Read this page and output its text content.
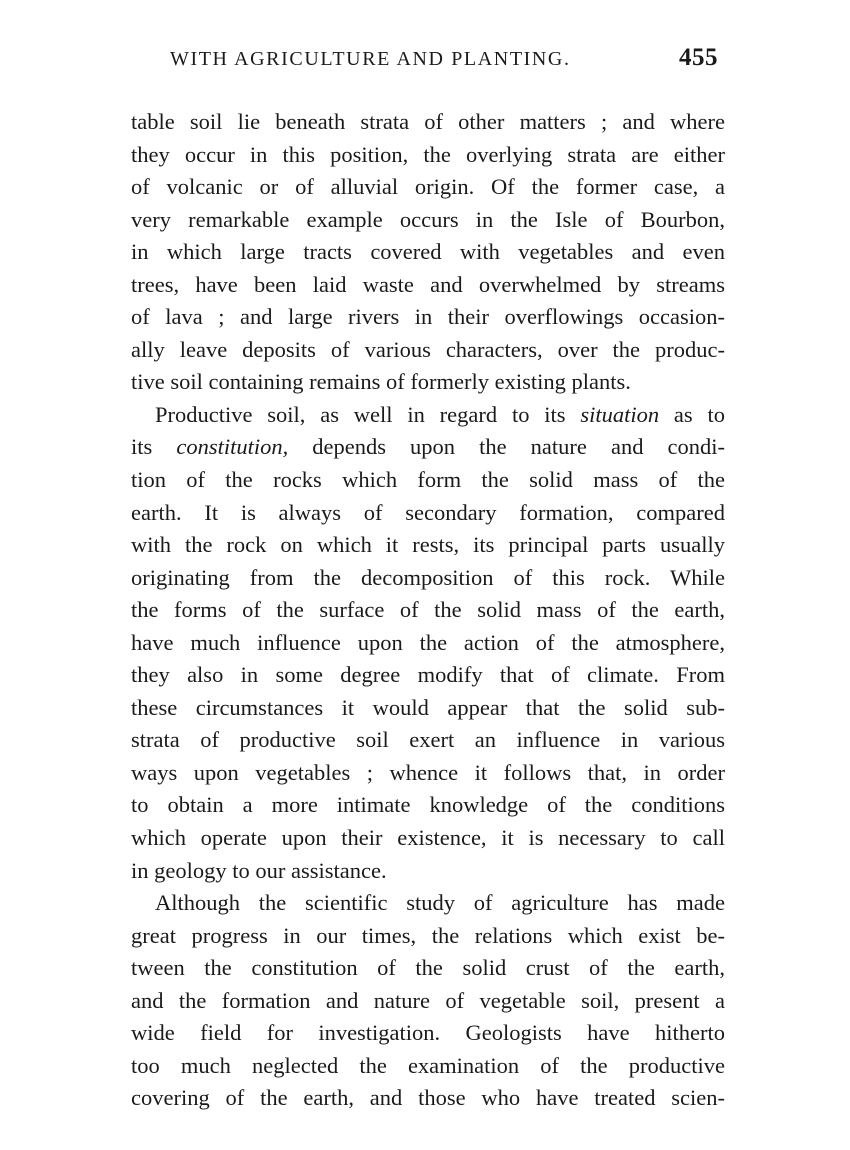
WITH AGRICULTURE AND PLANTING.	455
table soil lie beneath strata of other matters ; and where
they occur in this position, the overlying strata are either
of volcanic or of alluvial origin. Of the former case, a
very remarkable example occurs in the Isle of Bourbon,
in which large tracts covered with vegetables and even
trees, have been laid waste and overwhelmed by streams
of lava ; and large rivers in their overflowings occasion-
ally leave deposits of various characters, over the produc-
tive soil containing remains of formerly existing plants.
Productive soil, as well in regard to its situation as to
its constitution, depends upon the nature and condi-
tion of the rocks which form the solid mass of the
earth. It is always of secondary formation, compared
with the rock on which it rests, its principal parts usually
originating from the decomposition of this rock. While
the forms of the surface of the solid mass of the earth,
have much influence upon the action of the atmosphere,
they also in some degree modify that of climate. From
these circumstances it would appear that the solid sub-
strata of productive soil exert an influence in various
ways upon vegetables ; whence it follows that, in order
to obtain a more intimate knowledge of the conditions
which operate upon their existence, it is necessary to call
in geology to our assistance.
Although the scientific study of agriculture has made
great progress in our times, the relations which exist be-
tween the constitution of the solid crust of the earth,
and the formation and nature of vegetable soil, present a
wide field for investigation. Geologists have hitherto
too much neglected the examination of the productive
covering of the earth, and those who have treated scien-
